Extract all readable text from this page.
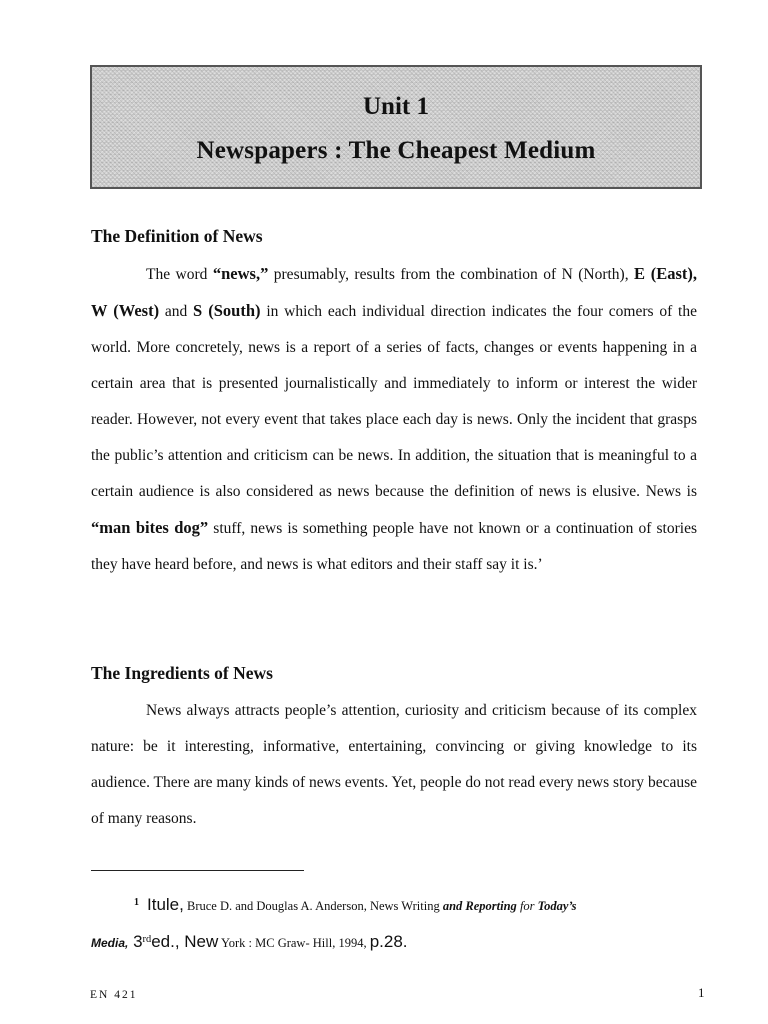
Unit 1
Newspapers : The Cheapest Medium
The Definition of News
The word “news,” presumably, results from the combination of N (North), E (East), W (West) and S (South) in which each individual direction indicates the four comers of the world. More concretely, news is a report of a series of facts, changes or events happening in a certain area that is presented journalistically and immediately to inform or interest the wider reader. However, not every event that takes place each day is news. Only the incident that grasps the public’s attention and criticism can be news. In addition, the situation that is meaningful to a certain audience is also considered as news because the definition of news is elusive. News is “man bites dog” stuff, news is something people have not known or a continuation of stories they have heard before, and news is what editors and their staff say it is.’
The Ingredients of News
News always attracts people’s attention, curiosity and criticism because of its complex nature: be it interesting, informative, entertaining, convincing or giving knowledge to its audience. There are many kinds of news events. Yet, people do not read every news story because of many reasons.
1 Itule, Bruce D. and Douglas A. Anderson, News Writing and Reporting for Today’s
Media, 3rded., New York : MC Graw- Hill, 1994, p.28.
EN 421	1
